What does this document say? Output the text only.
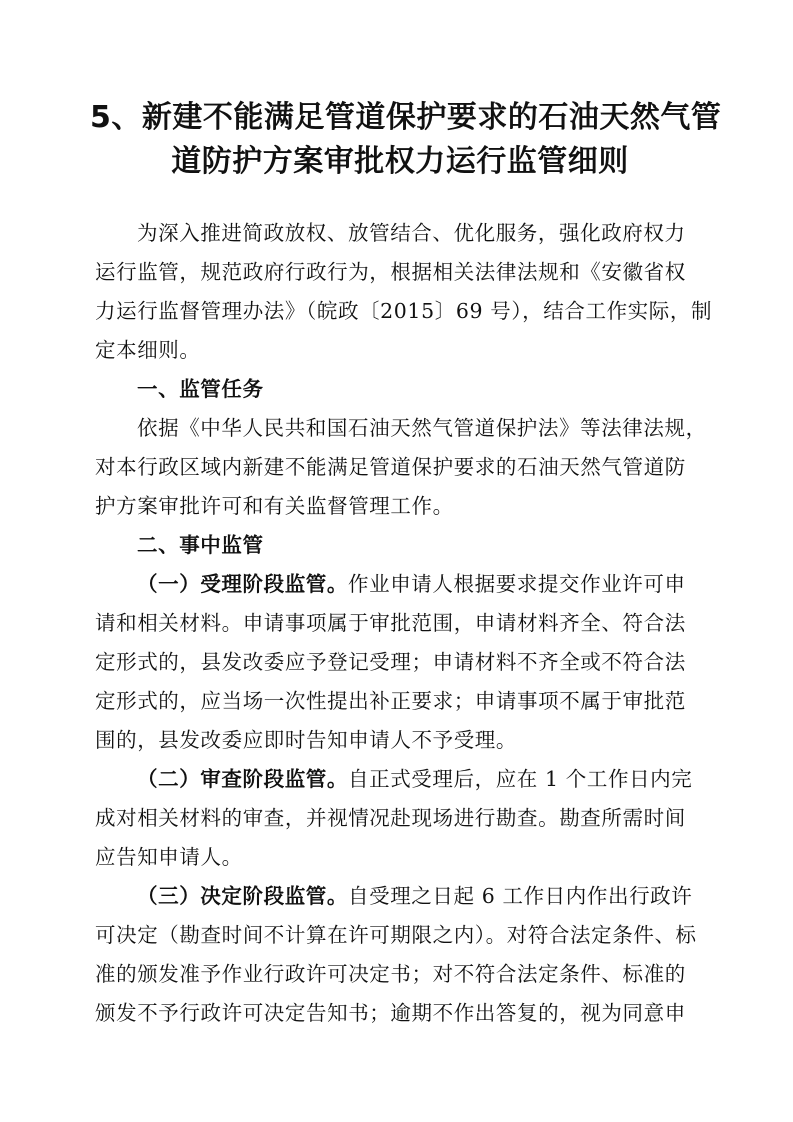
5、新建不能满足管道保护要求的石油天然气管
道防护方案审批权力运行监管细则
为深入推进简政放权、放管结合、优化服务，强化政府权力
运行监管，规范政府行政行为，根据相关法律法规和《安徽省权
力运行监督管理办法》（皖政〔2015〕69 号），结合工作实际，制
定本细则。
一、监管任务
依据《中华人民共和国石油天然气管道保护法》等法律法规，
对本行政区域内新建不能满足管道保护要求的石油天然气管道防
护方案审批许可和有关监督管理工作。
二、事中监管
（一）受理阶段监管。作业申请人根据要求提交作业许可申
请和相关材料。申请事项属于审批范围，申请材料齐全、符合法
定形式的，县发改委应予登记受理；申请材料不齐全或不符合法
定形式的，应当场一次性提出补正要求；申请事项不属于审批范
围的，县发改委应即时告知申请人不予受理。
（二）审查阶段监管。自正式受理后，应在 1 个工作日内完
成对相关材料的审查，并视情况赴现场进行勘查。勘查所需时间
应告知申请人。
（三）决定阶段监管。自受理之日起 6 工作日内作出行政许
可决定（勘查时间不计算在许可期限之内）。对符合法定条件、标
准的颁发准予作业行政许可决定书；对不符合法定条件、标准的
颁发不予行政许可决定告知书；逾期不作出答复的，视为同意申
